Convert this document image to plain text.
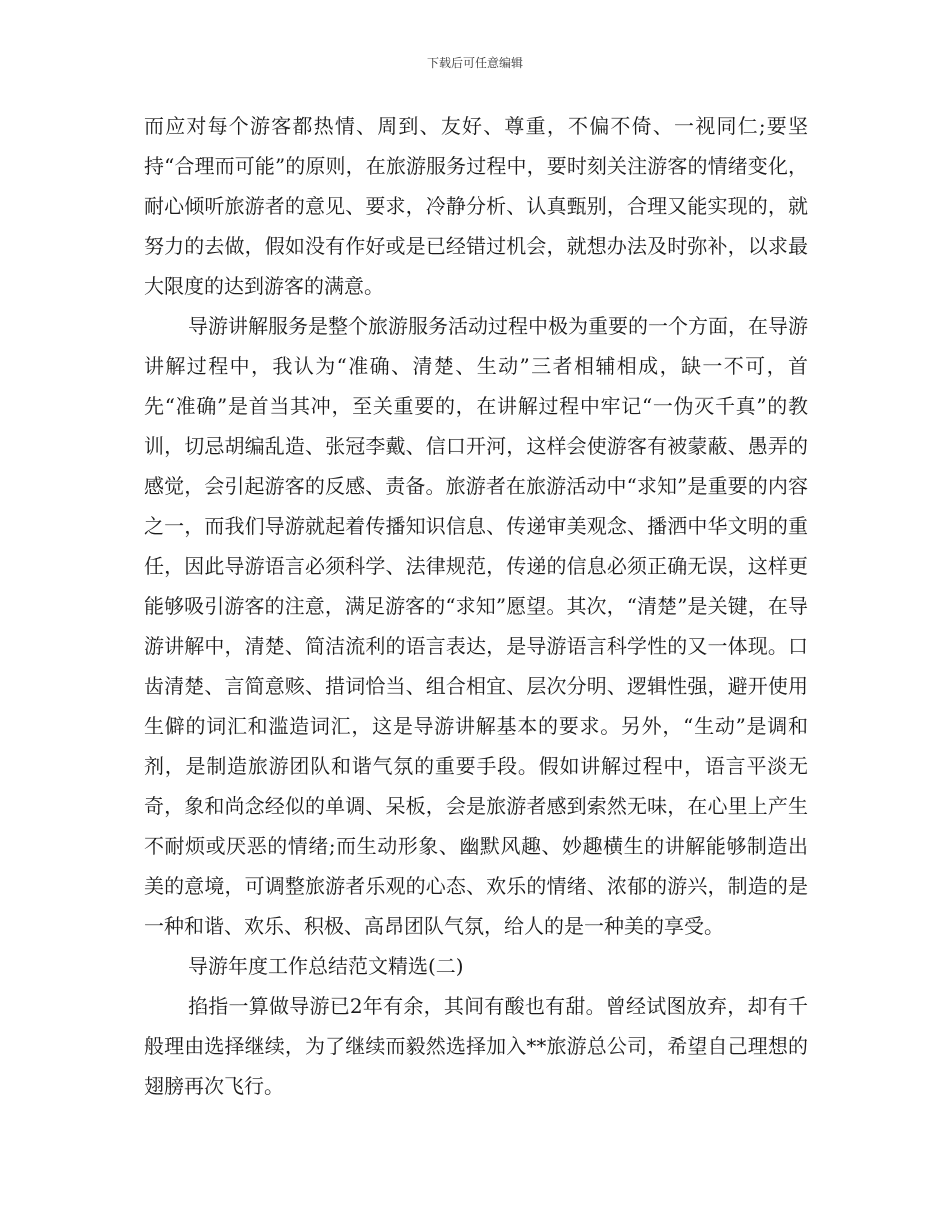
下载后可任意编辑

而应对每个游客都热情、周到、友好、尊重，不偏不倚、一视同仁;要坚持“合理而可能”的原则，在旅游服务过程中，要时刻关注游客的情绪变化，耐心倾听旅游者的意见、要求，冷静分析、认真甄别，合理又能实现的，就努力的去做，假如没有作好或是已经错过机会，就想办法及时弥补，以求最大限度的达到游客的满意。

导游讲解服务是整个旅游服务活动过程中极为重要的一个方面，在导游讲解过程中，我认为“准确、清楚、生动”三者相辅相成，缺一不可，首先“准确”是首当其冲，至关重要的，在讲解过程中牢记“一伪灭千真”的教训，切忌胡编乱造、张冠李戴、信口开河，这样会使游客有被蒙蔽、愚弄的感觉，会引起游客的反感、责备。旅游者在旅游活动中“求知”是重要的内容之一，而我们导游就起着传播知识信息、传递审美观念、播洒中华文明的重任，因此导游语言必须科学、法律规范，传递的信息必须正确无误，这样更能够吸引游客的注意，满足游客的“求知”愿望。其次，“清楚”是关键，在导游讲解中，清楚、简洁流利的语言表达，是导游语言科学性的又一体现。口齿清楚、言简意赅、措词恰当、组合相宜、层次分明、逻辑性强，避开使用生僻的词汇和滥造词汇，这是导游讲解基本的要求。另外，“生动”是调和剂，是制造旅游团队和谐气氛的重要手段。假如讲解过程中，语言平淡无奇，象和尚念经似的单调、呆板，会是旅游者感到索然无味，在心里上产生不耐烦或厌恶的情绪;而生动形象、幽默风趣、妙趣横生的讲解能够制造出美的意境，可调整旅游者乐观的心态、欢乐的情绪、浓郁的游兴，制造的是一种和谐、欢乐、积极、高昂团队气氛，给人的是一种美的享受。

导游年度工作总结范文精选(二)

掐指一算做导游已2年有余，其间有酸也有甜。曾经试图放弃，却有千般理由选择继续，为了继续而毅然选择加入**旅游总公司，希望自己理想的翅膀再次飞行。
